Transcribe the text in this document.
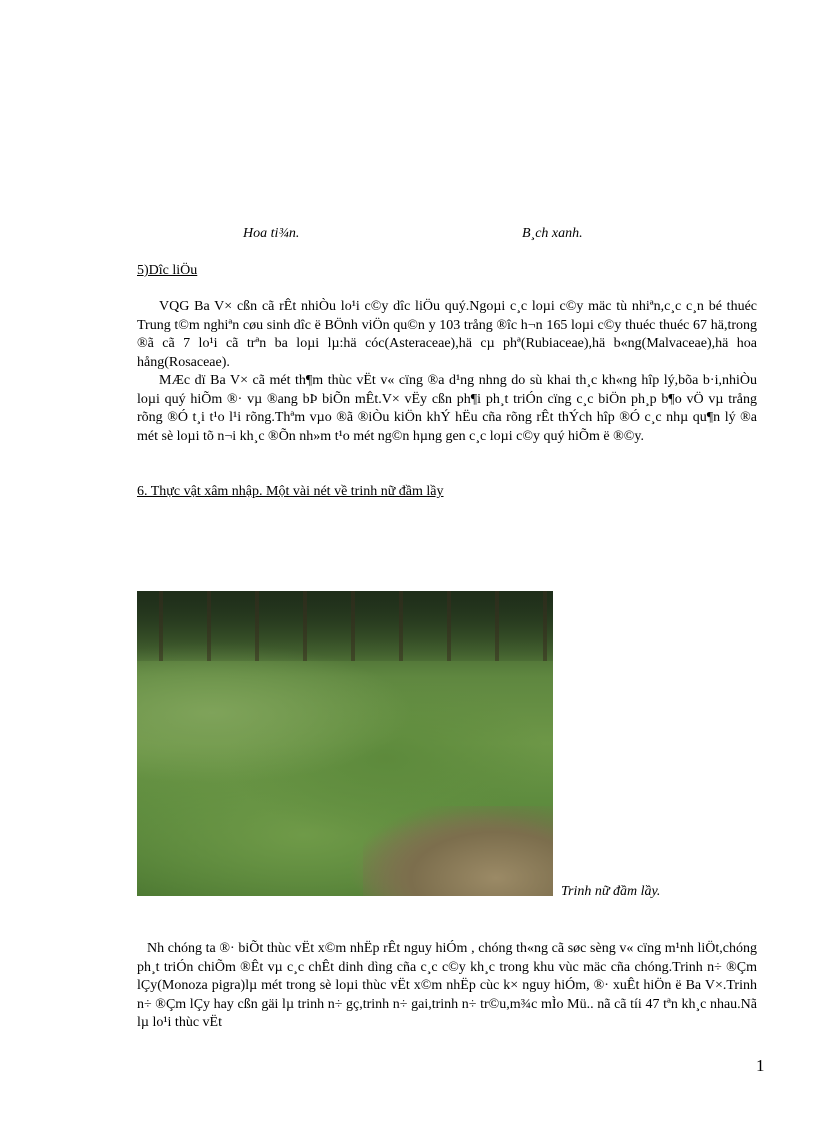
Hoa ti¾n.	B¸ch xanh.
5)Dîc liÖu

VQG Ba V× cßn cã rÊt nhiÒu lo¹i c©y dîc liÖu quý.Ngoµi c¸c loµi c©y mäc tù nhiªn,c¸c c¸n bé thuéc Trung t©m nghiªn cøu sinh dîc ë BÖnh viÖn qu©n y 103 trång ®îc h¬n 165 loµi c©y thuéc thuéc 67 hä,trong ®ã cã 7 lo¹i cã trªn ba loµi lµ:hä cóc(Asteraceae),hä cµ phª(Rubiaceae),hä b«ng(Malvaceae),hä hoa hång(Rosaceae).

MÆc dï Ba V× cã mét th¶m thùc vËt v« cïng ®a d¹ng nhng do sù khai th¸c kh«ng hîp lý,bõa b·i,nhiÒu loµi quý hiÕm ®· vµ ®ang bÞ biÕn mÊt.V× vËy cßn ph¶i ph¸t triÓn cïng c¸c biÖn ph¸p b¶o vÖ vµ trång rõng ®Ó t¸i t¹o l¹i rõng.Thªm vµo ®ã ®iÒu kiÖn khÝ hËu cña rõng rÊt thÝch hîp ®Ó c¸c nhµ qu¶n lý ®a mét sè loµi tõ n¬i kh¸c ®Õn nh»m t¹o mét ng©n hµng gen c¸c loµi c©y quý hiÕm ë ®©y.

6. Thực vật xâm nhập. Một vài nét về trinh nữ đầm lầy
Trinh nữ đầm lầy.

Nh chóng ta ®· biÕt thùc vËt x©m nhËp rÊt nguy hiÓm , chóng th«ng cã søc sèng v« cïng m¹nh liÖt,chóng ph¸t triÓn chiÕm ®Êt vµ c¸c chÊt dinh dìng cña c¸c c©y kh¸c trong khu vùc mäc cña chóng.Trinh n÷ ®Çm lÇy(Monoza pigra)lµ mét trong sè loµi thùc vËt x©m nhËp cùc k× nguy hiÓm, ®· xuÊt hiÖn ë Ba V×.Trinh n÷ ®Çm lÇy hay cßn gäi lµ trinh n÷ gç,trinh n÷ gai,trinh n÷ tr©u,m¾c mÌo Mü.. nã cã tíi 47 tªn kh¸c nhau.Nã lµ lo¹i thùc vËt

1
